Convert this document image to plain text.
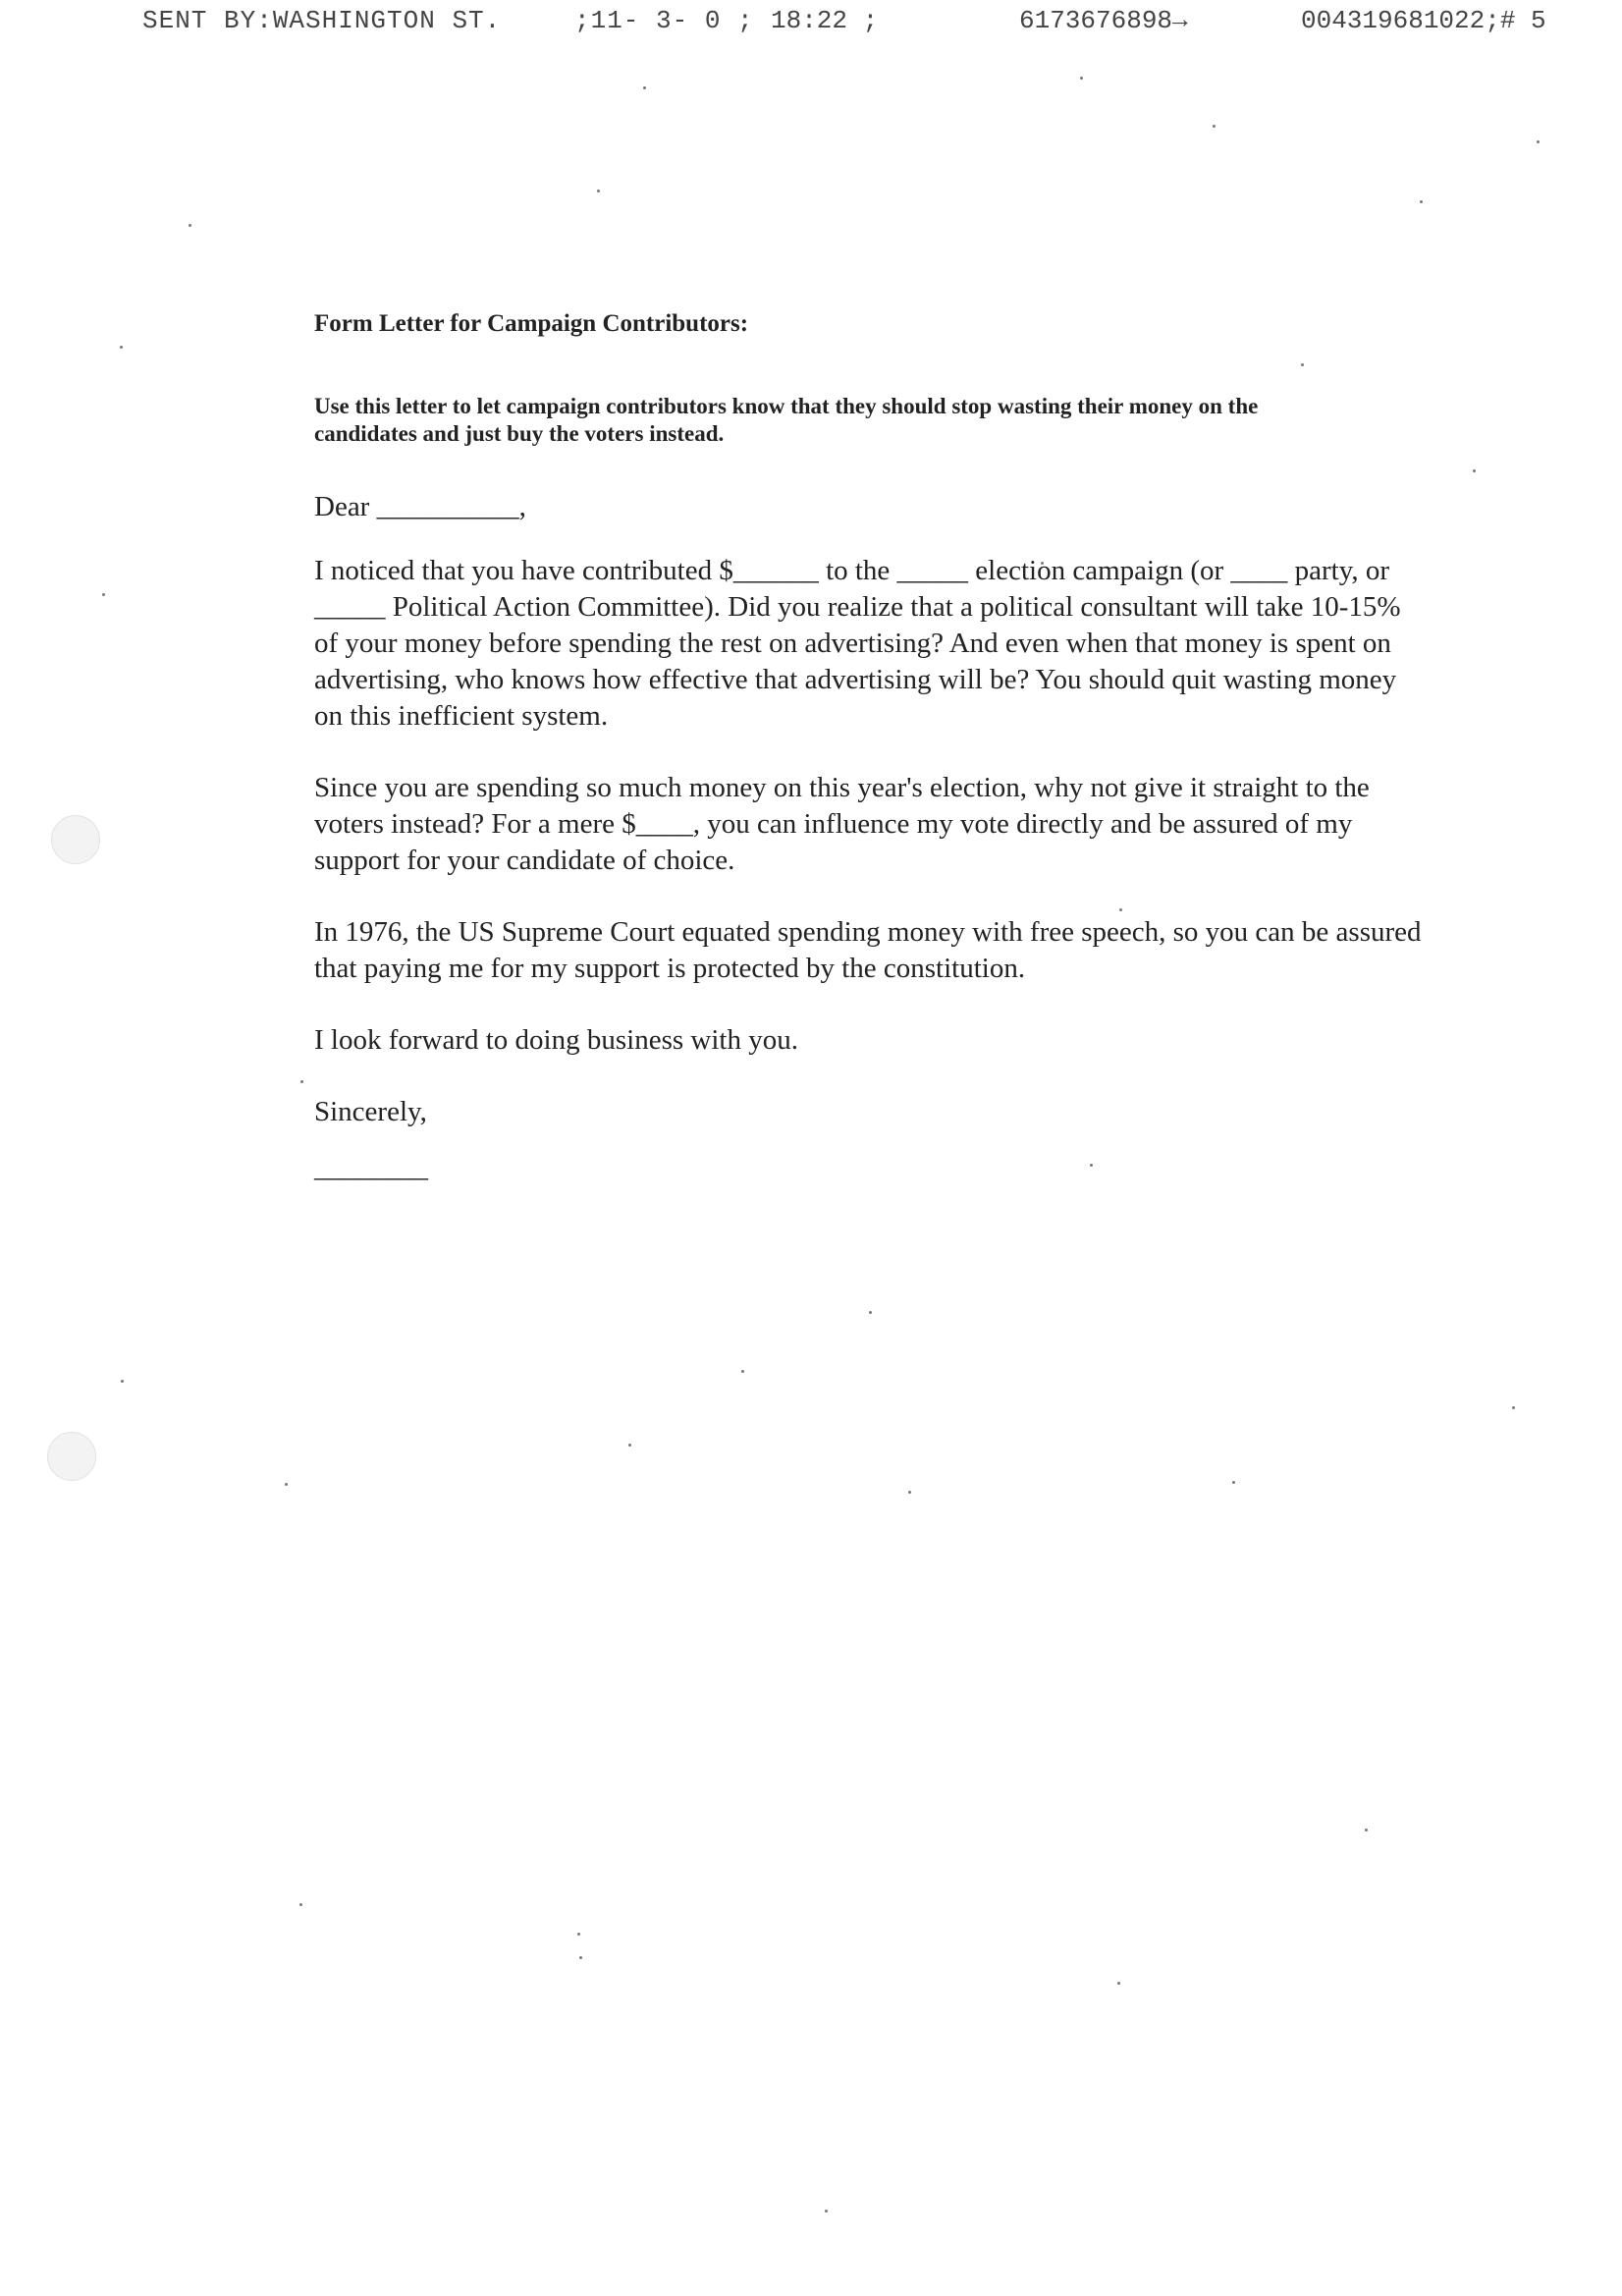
SENT BY:WASHINGTON ST.	;11- 3- 0 ; 18:22 ;	6173676898→	004319681022;# 5
Form Letter for Campaign Contributors:
Use this letter to let campaign contributors know that they should stop wasting their money on the candidates and just buy the voters instead.
Dear __________,
I noticed that you have contributed $______ to the _____ election campaign (or ____ party, or _____ Political Action Committee). Did you realize that a political consultant will take 10-15% of your money before spending the rest on advertising? And even when that money is spent on advertising, who knows how effective that advertising will be? You should quit wasting money on this inefficient system.
Since you are spending so much money on this year's election, why not give it straight to the voters instead? For a mere $____, you can influence my vote directly and be assured of my support for your candidate of choice.
In 1976, the US Supreme Court equated spending money with free speech, so you can be assured that paying me for my support is protected by the constitution.
I look forward to doing business with you.
Sincerely,
________
